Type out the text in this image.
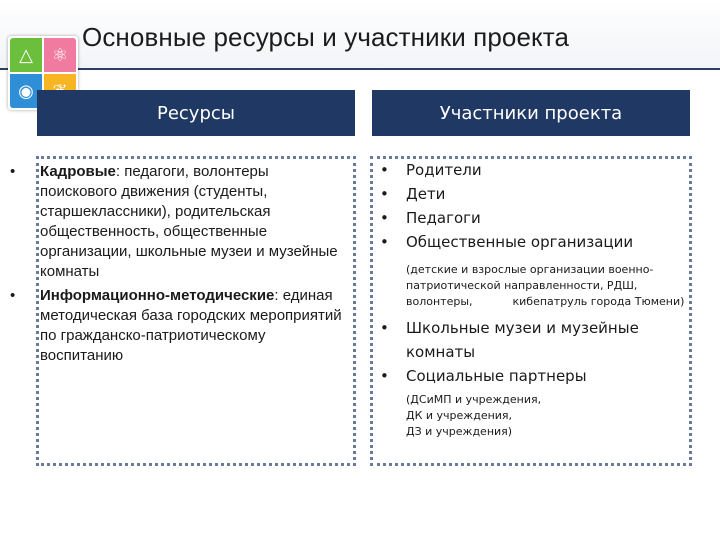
△	⚛
◉
Основные ресурсы и участники проекта
Ресурсы	Участники проекта
• Кадровые: педагоги, волонтеры поискового движения (студенты, старшеклассники), родительская общественность, общественные организации, школьные музеи и музейные комнаты
• Информационно-методические: единая методическая база городских мероприятий по гражданско-патриотическому воспитанию
• Родители
• Дети
• Педагоги
• Общественные организации
(детские и взрослые организации военно-патриотической направленности, РДШ, волонтеры,	кибепатруль города Тюмени)
• Школьные музеи и музейные комнаты
• Социальные партнеры
(ДСиМП и учреждения,
ДК и учреждения,
ДЗ и учреждения)
